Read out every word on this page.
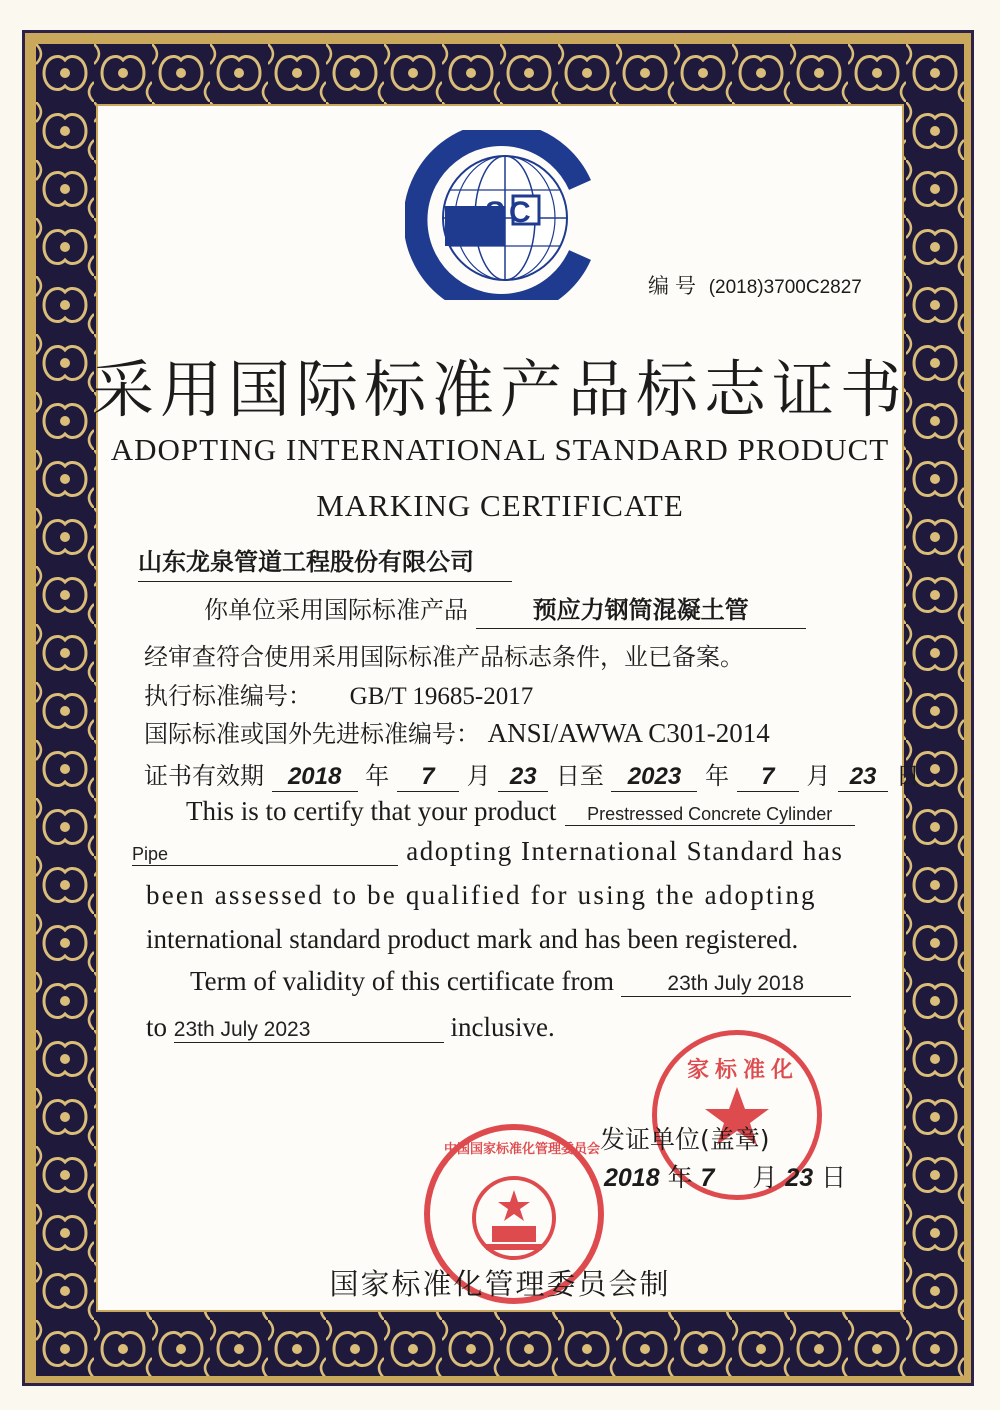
SC
编号 (2018)3700C2827
采用国际标准产品标志证书
ADOPTING INTERNATIONAL STANDARD PRODUCT
MARKING CERTIFICATE
山东龙泉管道工程股份有限公司
你单位采用国际标准产品	预应力钢筒混凝土管
经审查符合使用采用国际标准产品标志条件，业已备案。
执行标准编号： GB/T 19685-2017
国际标准或国外先进标准编号： ANSI/AWWA C301-2014
证书有效期 2018 年 7 月 23 日至 2023 年 7 月 23 日
This is to certify that your product Prestressed Concrete Cylinder
Pipe	adopting International Standard has
been assessed to be qualified for using the adopting
international standard product mark and has been registered.
Term of validity of this certificate from	23th July 2018
to 23th July 2023	inclusive.
家标准化
发证单位(盖章)
2018 年 7 月 23 日
中国国家标准化管理委员会
国家标准化管理委员会制
